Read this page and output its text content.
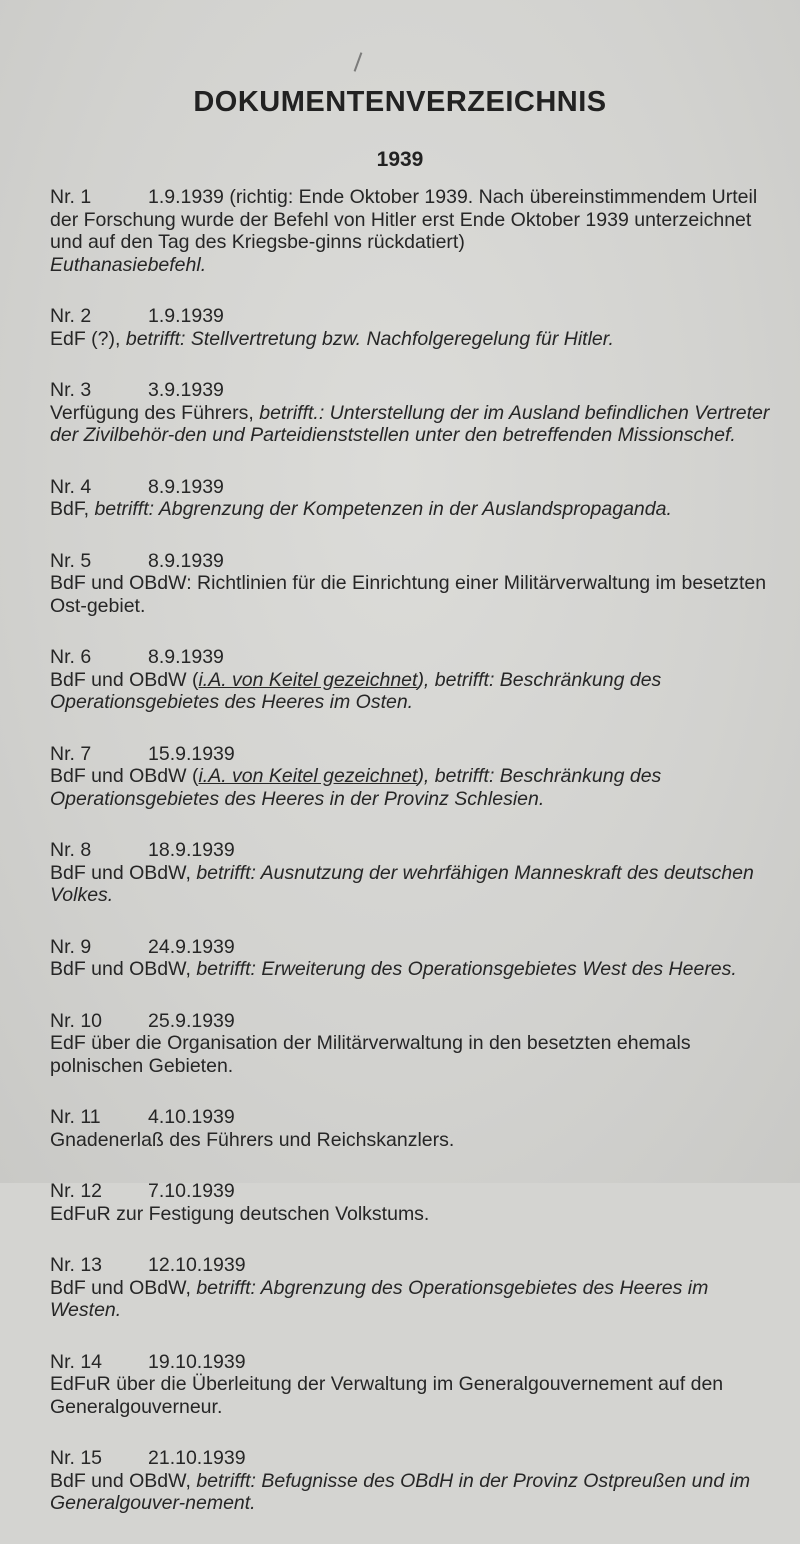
DOKUMENTENVERZEICHNIS
1939
Nr. 1	1.9.1939 (richtig: Ende Oktober 1939. Nach übereinstimmendem Urteil der Forschung wurde der Befehl von Hitler erst Ende Oktober 1939 unterzeichnet und auf den Tag des Kriegsbe-ginns rückdatiert)
Euthanasiebefehl.
Nr. 2	1.9.1939
EdF (?), betrifft: Stellvertretung bzw. Nachfolgeregelung für Hitler.
Nr. 3	3.9.1939
Verfügung des Führers, betrifft.: Unterstellung der im Ausland befindlichen Vertreter der Zivilbehör-den und Parteidienststellen unter den betreffenden Missionschef.
Nr. 4	8.9.1939
BdF, betrifft: Abgrenzung der Kompetenzen in der Auslandspropaganda.
Nr. 5	8.9.1939
BdF und OBdW: Richtlinien für die Einrichtung einer Militärverwaltung im besetzten Ost-gebiet.
Nr. 6	8.9.1939
BdF und OBdW (i.A. von Keitel gezeichnet), betrifft: Beschränkung des Operationsgebietes des Heeres im Osten.
Nr. 7	15.9.1939
BdF und OBdW (i.A. von Keitel gezeichnet), betrifft: Beschränkung des Operationsgebietes des Heeres in der Provinz Schlesien.
Nr. 8	18.9.1939
BdF und OBdW, betrifft: Ausnutzung der wehrfähigen Manneskraft des deutschen Volkes.
Nr. 9	24.9.1939
BdF und OBdW, betrifft: Erweiterung des Operationsgebietes West des Heeres.
Nr. 10 25.9.1939
EdF über die Organisation der Militärverwaltung in den besetzten ehemals polnischen Gebieten.
Nr. 11 4.10.1939
Gnadenerlaß des Führers und Reichskanzlers.
Nr. 12 7.10.1939
EdFuR zur Festigung deutschen Volkstums.
Nr. 13 12.10.1939
BdF und OBdW, betrifft: Abgrenzung des Operationsgebietes des Heeres im Westen.
Nr. 14 19.10.1939
EdFuR über die Überleitung der Verwaltung im Generalgouvernement auf den Generalgouverneur.
Nr. 15 21.10.1939
BdF und OBdW, betrifft: Befugnisse des OBdH in der Provinz Ostpreußen und im Generalgouver-nement.
